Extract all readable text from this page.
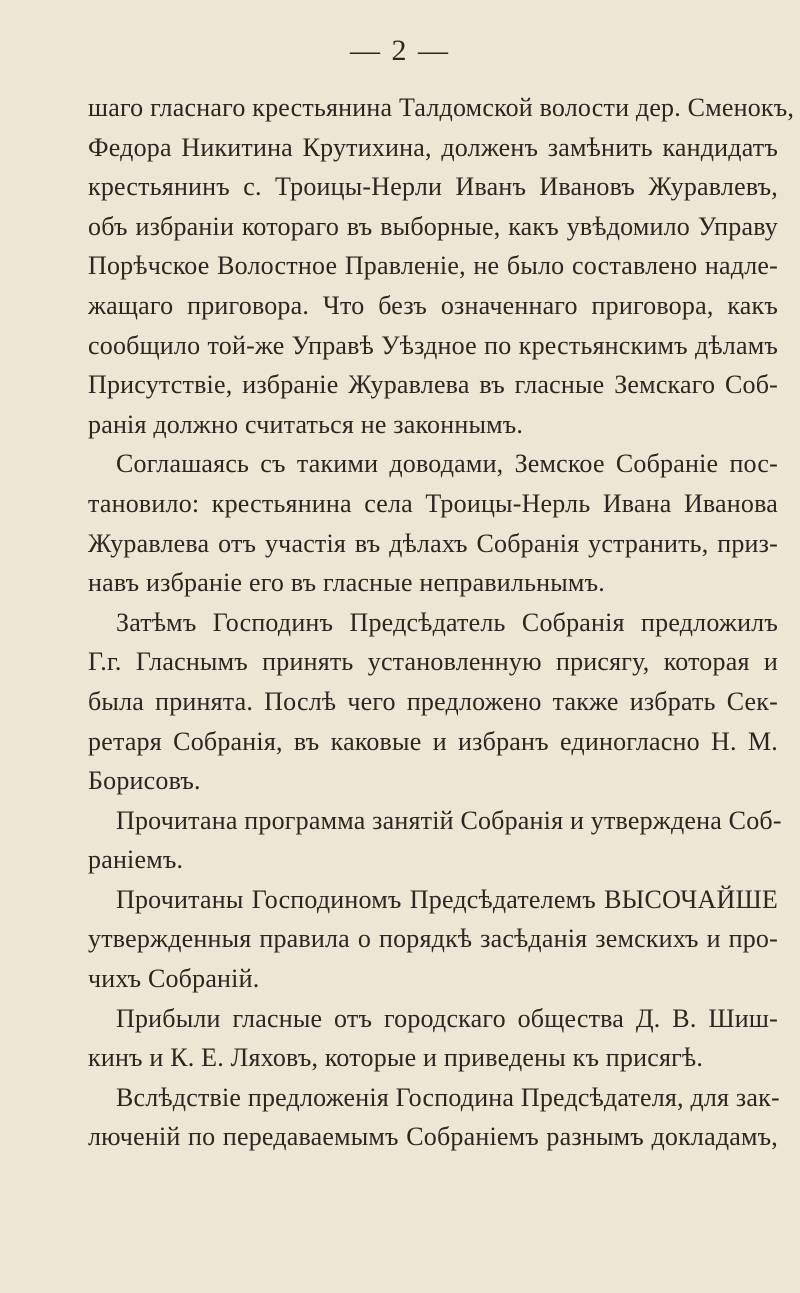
— 2 —
шаго гласнаго крестьянина Талдомской волости дер. Сменокъ,
Федора Никитина Крутихина, долженъ замѣнить кандидатъ
крестьянинъ с. Троицы-Нерли Иванъ Ивановъ Журавлевъ,
объ избраніи котораго въ выборные, какъ увѣдомило Управу
Порѣчское Волостное Правленіе, не было составлено надле-
жащаго приговора. Что безъ означеннаго приговора, какъ
сообщило той-же Управѣ Уѣздное по крестьянскимъ дѣламъ
Присутствіе, избраніе Журавлева въ гласные Земскаго Соб-
ранія должно считаться не законнымъ.
Соглашаясь съ такими доводами, Земское Собраніе пос-
тановило: крестьянина села Троицы-Нерль Ивана Иванова
Журавлева отъ участія въ дѣлахъ Собранія устранить, приз-
навъ избраніе его въ гласные неправильнымъ.
Затѣмъ Господинъ Предсѣдатель Собранія предложилъ
Г.г. Гласнымъ принять установленную присягу, которая и
была принята. Послѣ чего предложено также избрать Сек-
ретаря Собранія, въ каковые и избранъ единогласно Н. М.
Борисовъ.
Прочитана программа занятій Собранія и утверждена Соб-
раніемъ.
Прочитаны Господиномъ Предсѣдателемъ ВЫСОЧАЙШЕ
утвержденныя правила о порядкѣ засѣданія земскихъ и про-
чихъ Собраній.
Прибыли гласные отъ городскаго общества Д. В. Шиш-
кинъ и К. Е. Ляховъ, которые и приведены къ присягѣ.
Вслѣдствіе предложенія Господина Предсѣдателя, для зак-
люченій по передаваемымъ Собраніемъ разнымъ докладамъ,
